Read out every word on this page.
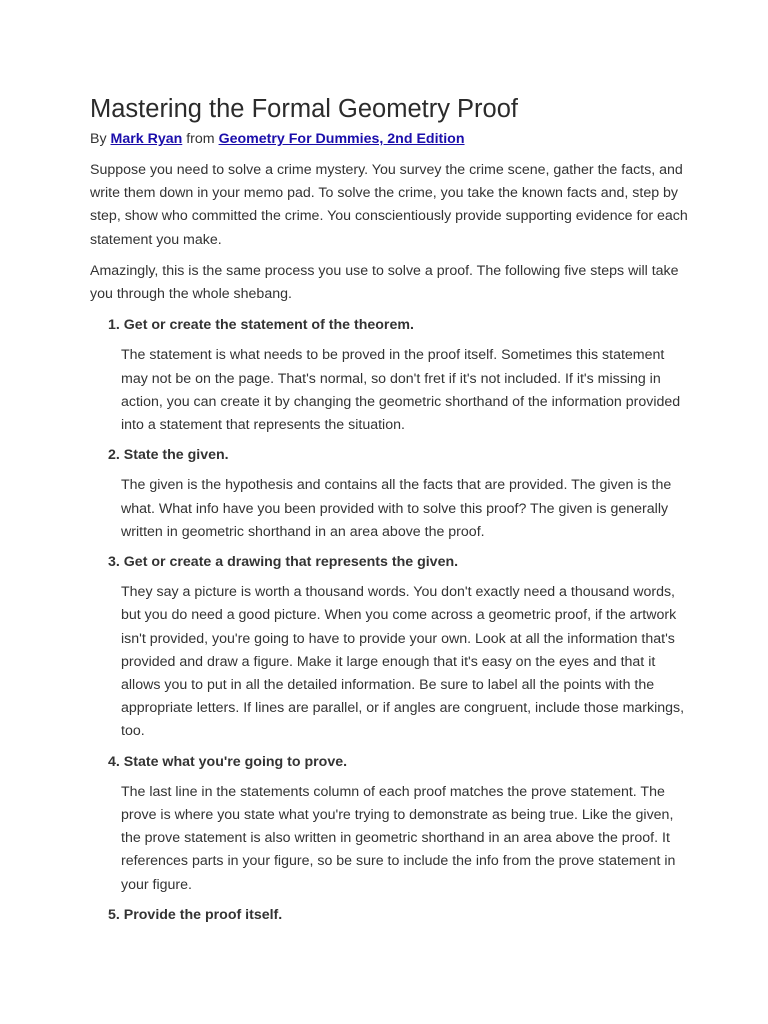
Mastering the Formal Geometry Proof
By Mark Ryan from Geometry For Dummies, 2nd Edition

Suppose you need to solve a crime mystery. You survey the crime scene, gather the facts, and write them down in your memo pad. To solve the crime, you take the known facts and, step by step, show who committed the crime. You conscientiously provide supporting evidence for each statement you make.

Amazingly, this is the same process you use to solve a proof. The following five steps will take you through the whole shebang.

1. Get or create the statement of the theorem.

The statement is what needs to be proved in the proof itself. Sometimes this statement may not be on the page. That's normal, so don't fret if it's not included. If it's missing in action, you can create it by changing the geometric shorthand of the information provided into a statement that represents the situation.

2. State the given.

The given is the hypothesis and contains all the facts that are provided. The given is the what. What info have you been provided with to solve this proof? The given is generally written in geometric shorthand in an area above the proof.

3. Get or create a drawing that represents the given.

They say a picture is worth a thousand words. You don't exactly need a thousand words, but you do need a good picture. When you come across a geometric proof, if the artwork isn't provided, you're going to have to provide your own. Look at all the information that's provided and draw a figure. Make it large enough that it's easy on the eyes and that it allows you to put in all the detailed information. Be sure to label all the points with the appropriate letters. If lines are parallel, or if angles are congruent, include those markings, too.

4. State what you're going to prove.

The last line in the statements column of each proof matches the prove statement. The prove is where you state what you're trying to demonstrate as being true. Like the given, the prove statement is also written in geometric shorthand in an area above the proof. It references parts in your figure, so be sure to include the info from the prove statement in your figure.

5. Provide the proof itself.
